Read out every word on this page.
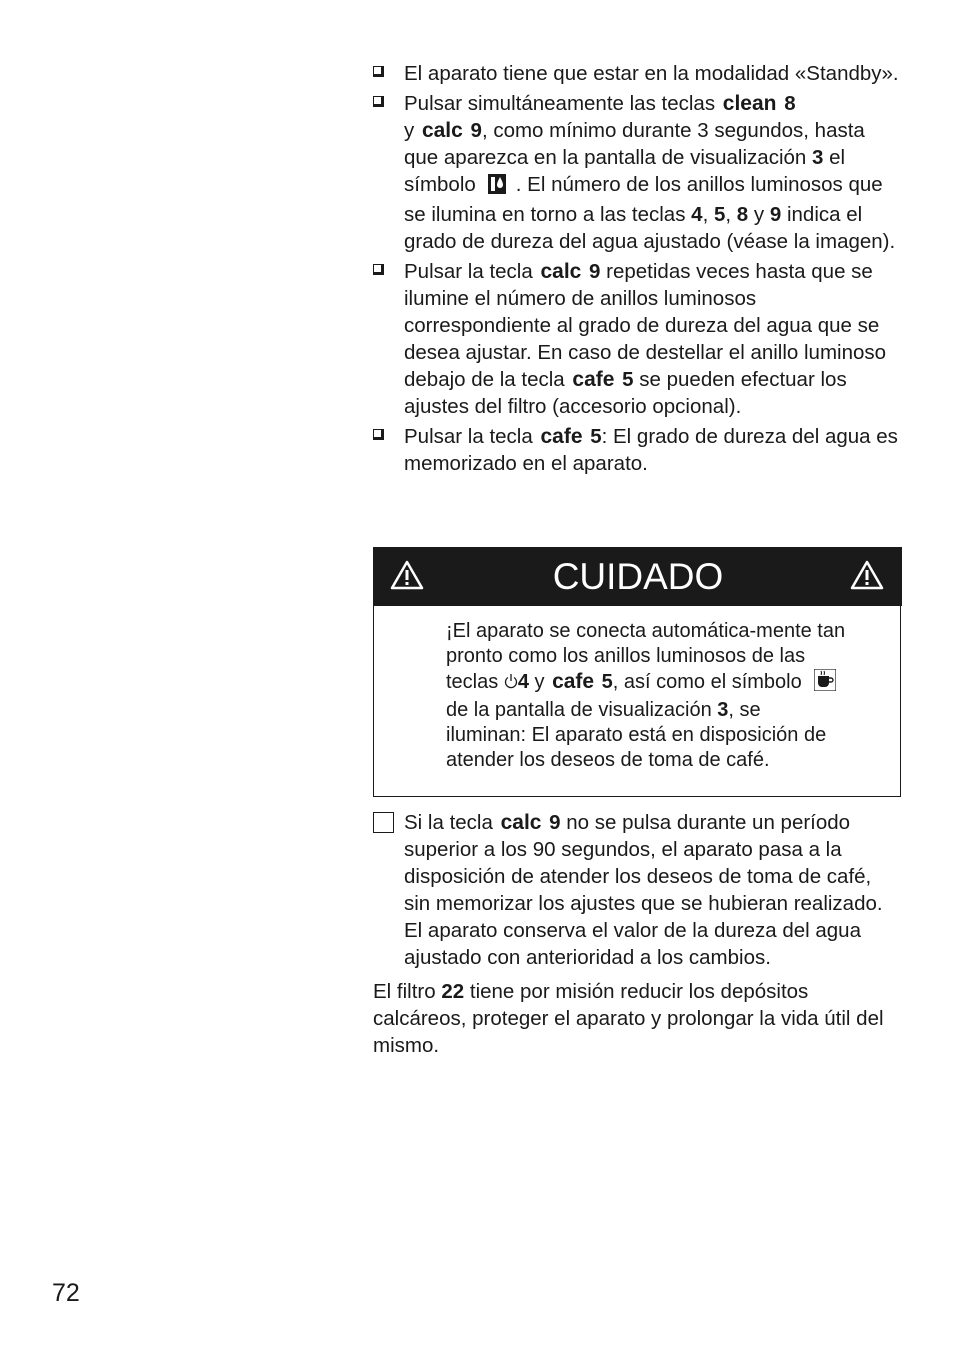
El aparato tiene que estar en la modalidad «Standby».

Pulsar simultáneamente las teclas clean 8
y calc 9, como mínimo durante 3 segundos, hasta que aparezca en la pantalla de visualización 3 el símbolo . El número de los anillos luminosos que se ilumina en torno a las teclas 4, 5, 8 y 9 indica el grado de dureza del agua ajustado (véase la imagen).

Pulsar la tecla calc 9 repetidas veces hasta que se ilumine el número de anillos luminosos correspondiente al grado de dureza del agua que se desea ajustar. En caso de destellar el anillo luminoso debajo de la tecla cafe 5 se pueden efectuar los ajustes del filtro (accesorio opcional).

Pulsar la tecla cafe 5: El grado de dureza del agua es memorizado en el aparato.

CUIDADO
¡El aparato se conecta automática-mente tan pronto como los anillos luminosos de las teclas 4 y cafe 5, así como el símbolode la pantalla de visualización 3, se iluminan: El aparato está en disposición de atender los deseos de toma de café.

Si la tecla calc 9 no se pulsa durante un período superior a los 90 segundos, el aparato pasa a la disposición de atender los deseos de toma de café, sin memorizar los ajustes que se hubieran realizado. El aparato conserva el valor de la dureza del agua ajustado con anterioridad a los cambios.

El filtro 22 tiene por misión reducir los depósitos calcáreos, proteger el aparato y prolongar la vida útil del mismo.

72
